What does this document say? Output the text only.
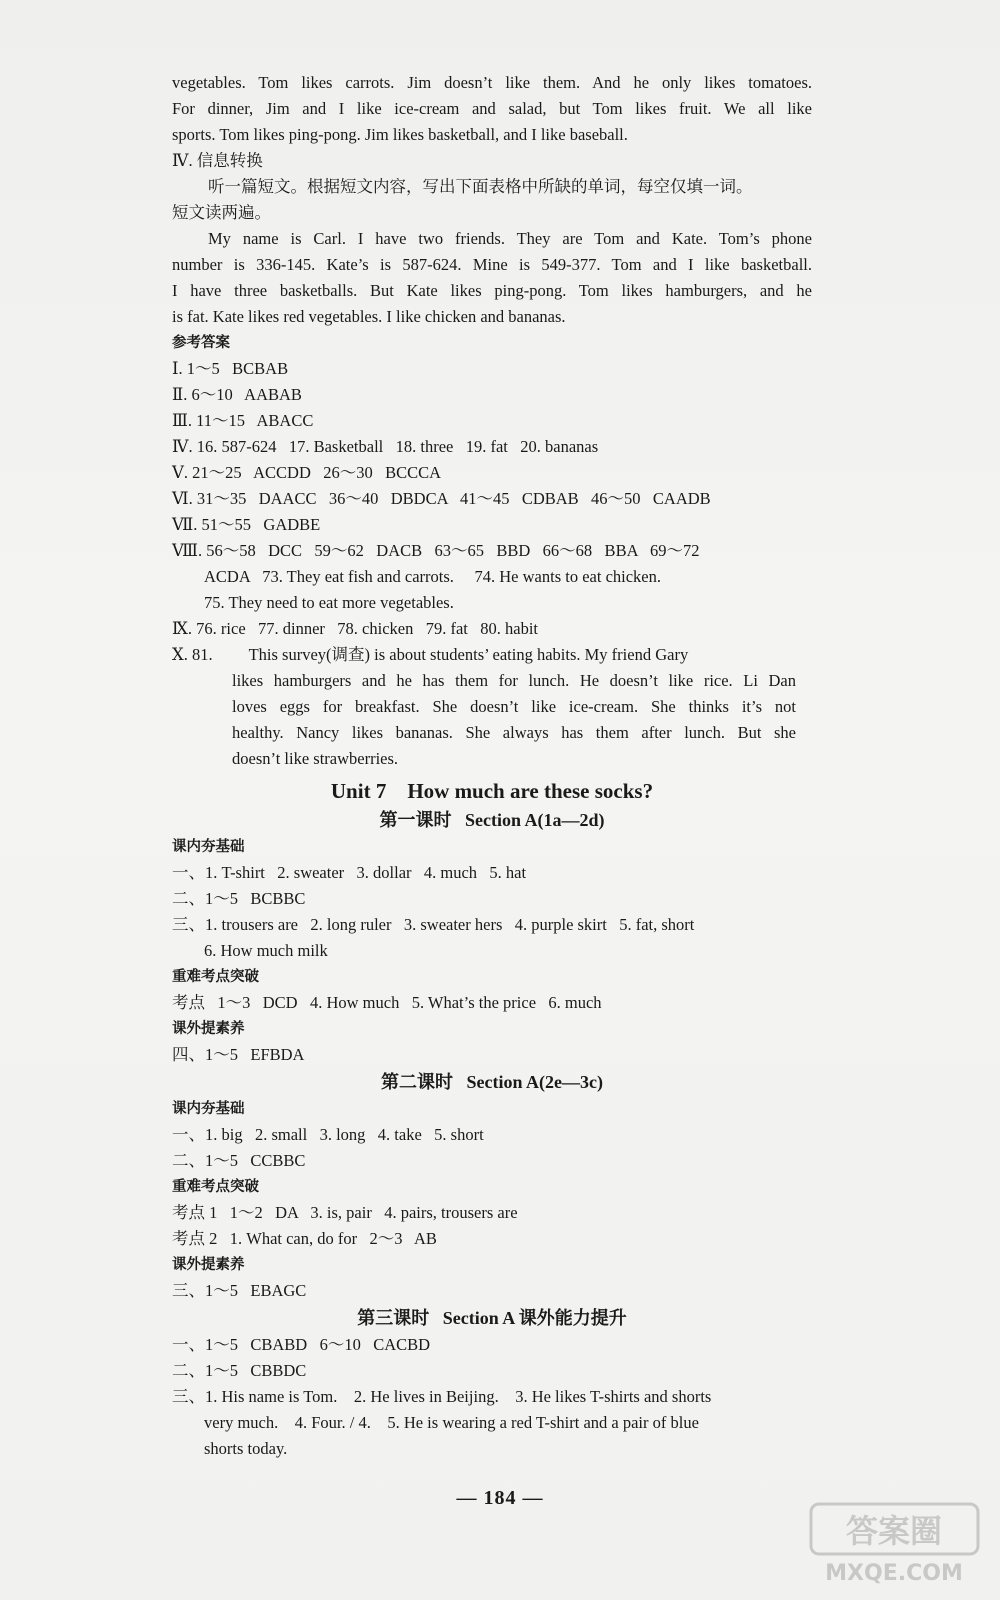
vegetables. Tom likes carrots. Jim doesn’t like them. And he only likes tomatoes.
For dinner, Jim and I like ice-cream and salad, but Tom likes fruit. We all like
sports. Tom likes ping-pong. Jim likes basketball, and I like baseball.
Ⅳ. 信息转换
听一篇短文。根据短文内容，写出下面表格中所缺的单词，每空仅填一词。
短文读两遍。
My name is Carl. I have two friends. They are Tom and Kate. Tom’s phone
number is 336-145. Kate’s is 587-624. Mine is 549-377. Tom and I like basketball.
I have three basketballs. But Kate likes ping-pong. Tom likes hamburgers, and he
is fat. Kate likes red vegetables. I like chicken and bananas.
参考答案
Ⅰ. 1～5   BCBAB
Ⅱ. 6～10   AABAB
Ⅲ. 11～15   ABACC
Ⅳ. 16. 587-624   17. Basketball   18. three   19. fat   20. bananas
Ⅴ. 21～25   ACCDD   26～30   BCCCA
Ⅵ. 31～35   DAACC   36～40   DBDCA   41～45   CDBAB   46～50   CAADB
Ⅶ. 51～55   GADBE
Ⅷ. 56～58   DCC   59～62   DACB   63～65   BBD   66～68   BBA   69～72
ACDA   73. They eat fish and carrots.     74. He wants to eat chicken.
75. They need to eat more vegetables.
Ⅸ. 76. rice   77. dinner   78. chicken   79. fat   80. habit
Ⅹ. 81. This survey(调查) is about students’ eating habits. My friend Gary
likes hamburgers and he has them for lunch. He doesn’t like rice. Li Dan
loves eggs for breakfast. She doesn’t like ice-cream. She thinks it’s not
healthy. Nancy likes bananas. She always has them after lunch. But she
doesn’t like strawberries.
Unit 7    How much are these socks?
第一课时   Section A(1a—2d)
课内夯基础
一、1. T-shirt   2. sweater   3. dollar   4. much   5. hat
二、1～5   BCBBC
三、1. trousers are   2. long ruler   3. sweater hers   4. purple skirt   5. fat, short
6. How much milk
重难考点突破
考点   1～3   DCD   4. How much   5. What’s the price   6. much
课外提素养
四、1～5   EFBDA
第二课时   Section A(2e—3c)
课内夯基础
一、1. big   2. small   3. long   4. take   5. short
二、1～5   CCBBC
重难考点突破
考点 1   1～2   DA   3. is, pair   4. pairs, trousers are
考点 2   1. What can, do for   2～3   AB
课外提素养
三、1～5   EBAGC
第三课时   Section A 课外能力提升
一、1～5   CBABD   6～10   CACBD
二、1～5   CBBDC
三、1. His name is Tom.    2. He lives in Beijing.    3. He likes T-shirts and shorts
very much.    4. Four. / 4.    5. He is wearing a red T-shirt and a pair of blue
shorts today.
— 184 —
答案圈
MXQE.COM
